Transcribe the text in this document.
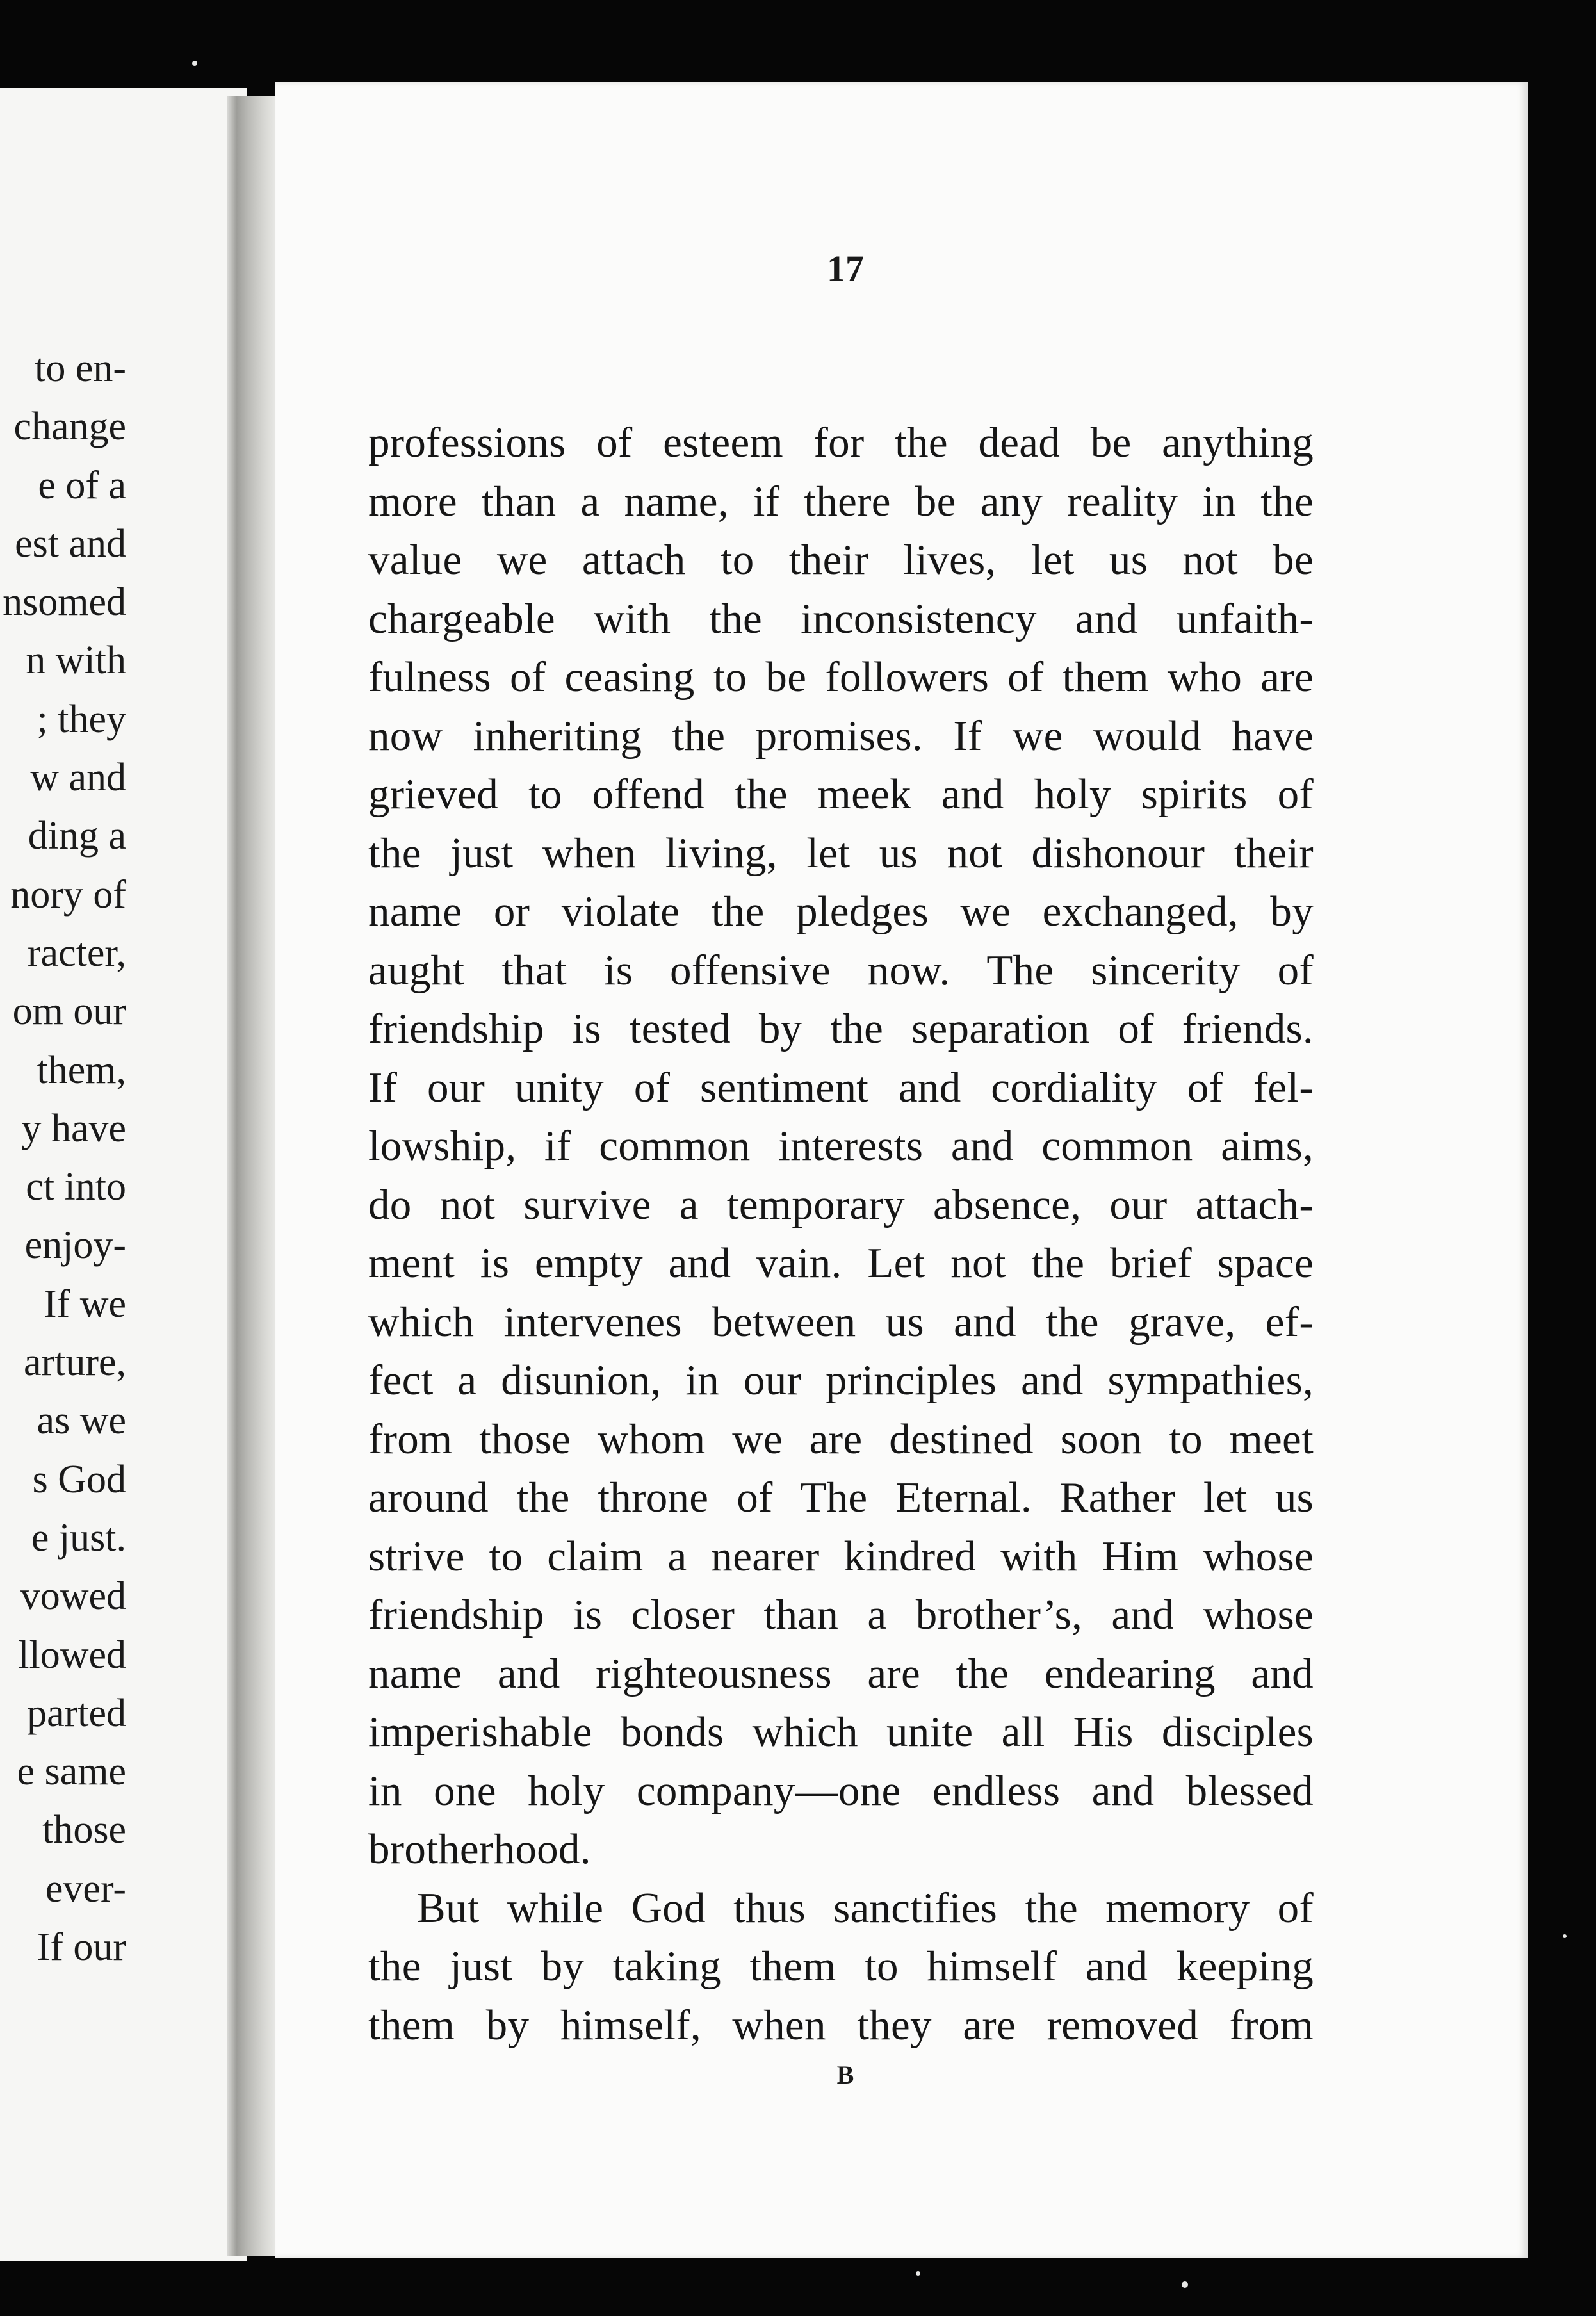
to en-
change
e of a
est and
nsomed
n with
; they
w and
ding a
nory of
racter,
om our
them,
y have
ct into
enjoy-
If we
arture,
as we
s God
e just.
vowed
llowed
parted
e same
those
ever-
If our
17
professions of esteem for the dead be anything
more than a name, if there be any reality in the
value we attach to their lives, let us not be
chargeable with the inconsistency and unfaith-
fulness of ceasing to be followers of them who are
now inheriting the promises. If we would have
grieved to offend the meek and holy spirits of
the just when living, let us not dishonour their
name or violate the pledges we exchanged, by
aught that is offensive now. The sincerity of
friendship is tested by the separation of friends.
If our unity of sentiment and cordiality of fel-
lowship, if common interests and common aims,
do not survive a temporary absence, our attach-
ment is empty and vain. Let not the brief space
which intervenes between us and the grave, ef-
fect a disunion, in our principles and sympathies,
from those whom we are destined soon to meet
around the throne of The Eternal. Rather let us
strive to claim a nearer kindred with Him whose
friendship is closer than a brother’s, and whose
name and righteousness are the endearing and
imperishable bonds which unite all His disciples
in one holy company—one endless and blessed
brotherhood.
But while God thus sanctifies the memory of
the just by taking them to himself and keeping
them by himself, when they are removed from
B
